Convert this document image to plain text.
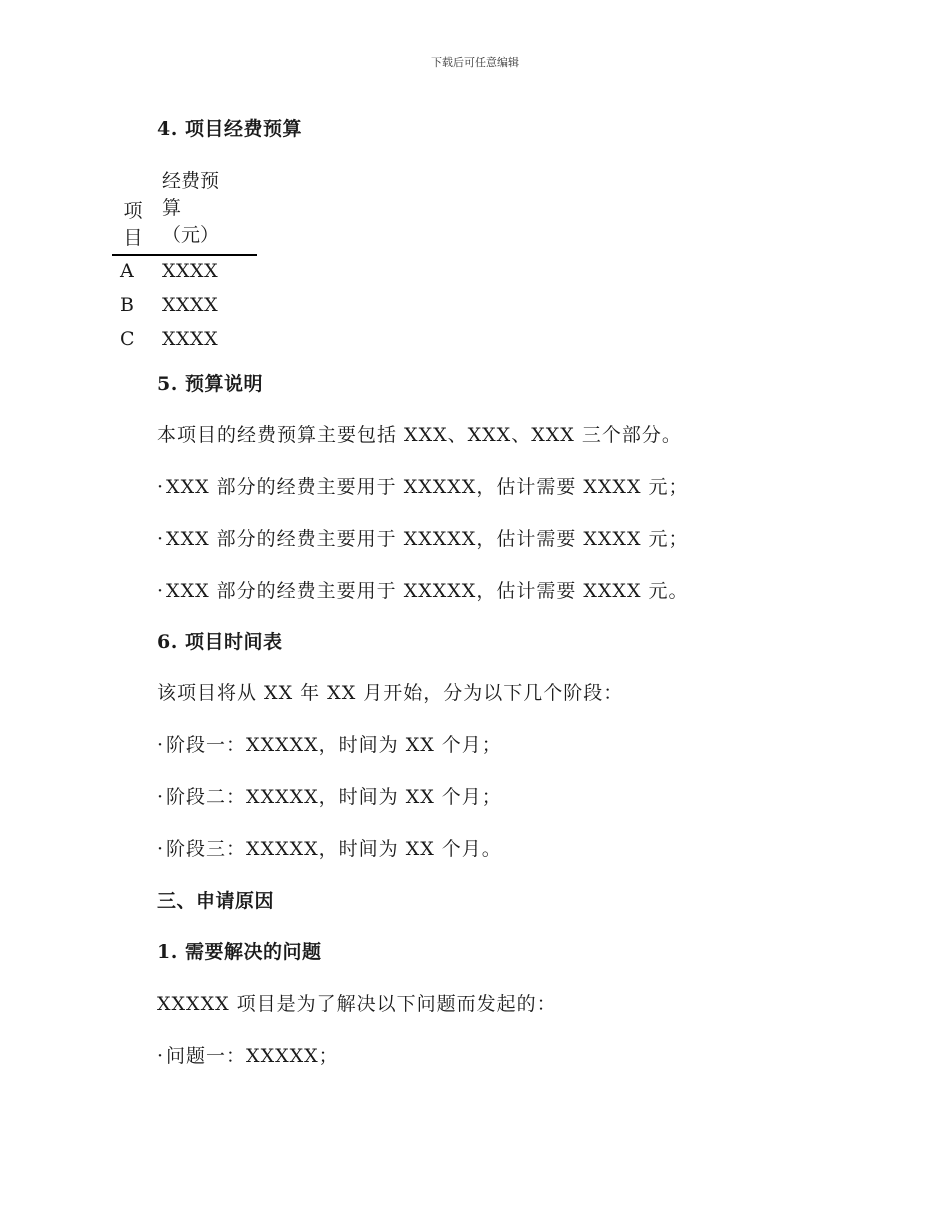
下载后可任意编辑
4. 项目经费预算
项
目
经费预
算
（元）
A XXXX
B XXXX
C XXXX
5. 预算说明
本项目的经费预算主要包括 XXX、XXX、XXX 三个部分。
· XXX 部分的经费主要用于 XXXXX，估计需要 XXXX 元；
· XXX 部分的经费主要用于 XXXXX，估计需要 XXXX 元；
· XXX 部分的经费主要用于 XXXXX，估计需要 XXXX 元。
6. 项目时间表
该项目将从 XX 年 XX 月开始，分为以下几个阶段：
· 阶段一：XXXXX，时间为 XX 个月；
· 阶段二：XXXXX，时间为 XX 个月；
· 阶段三：XXXXX，时间为 XX 个月。
三、申请原因
1. 需要解决的问题
XXXXX 项目是为了解决以下问题而发起的：
· 问题一：XXXXX；
